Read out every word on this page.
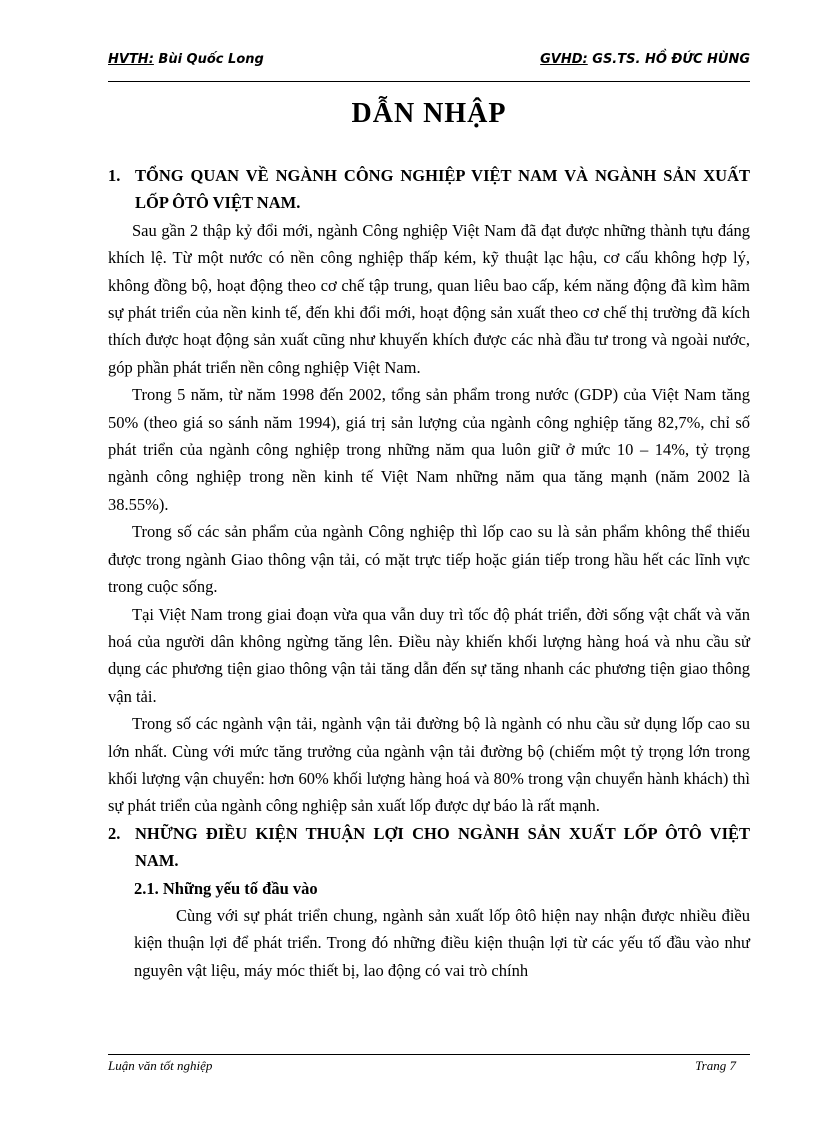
HVTH: Bùi Quốc Long	GVHD: GS.TS. HỒ ĐỨC HÙNG
DẪN NHẬP
1. TỔNG QUAN VỀ NGÀNH CÔNG NGHIỆP VIỆT NAM VÀ NGÀNH SẢN XUẤT LỐP ÔTÔ VIỆT NAM.

Sau gần 2 thập kỷ đổi mới, ngành Công nghiệp Việt Nam đã đạt được những thành tựu đáng khích lệ. Từ một nước có nền công nghiệp thấp kém, kỹ thuật lạc hậu, cơ cấu không hợp lý, không đồng bộ, hoạt động theo cơ chế tập trung, quan liêu bao cấp, kém năng động đã kìm hãm sự phát triển của nền kinh tế, đến khi đổi mới, hoạt động sản xuất theo cơ chế thị trường đã kích thích được hoạt động sản xuất cũng như khuyến khích được các nhà đầu tư trong và ngoài nước, góp phần phát triển nền công nghiệp Việt Nam.

Trong 5 năm, từ năm 1998 đến 2002, tổng sản phẩm trong nước (GDP) của Việt Nam tăng 50% (theo giá so sánh năm 1994), giá trị sản lượng của ngành công nghiệp tăng 82,7%, chỉ số phát triển của ngành công nghiệp trong những năm qua luôn giữ ở mức 10 – 14%, tỷ trọng ngành công nghiệp trong nền kinh tế Việt Nam những năm qua tăng mạnh (năm 2002 là 38.55%).

Trong số các sản phẩm của ngành Công nghiệp thì lốp cao su là sản phẩm không thể thiếu được trong ngành Giao thông vận tải, có mặt trực tiếp hoặc gián tiếp trong hầu hết các lĩnh vực trong cuộc sống.

Tại Việt Nam trong giai đoạn vừa qua vẫn duy trì tốc độ phát triển, đời sống vật chất và văn hoá của người dân không ngừng tăng lên. Điều này khiến khối lượng hàng hoá và nhu cầu sử dụng các phương tiện giao thông vận tải tăng dẫn đến sự tăng nhanh các phương tiện giao thông vận tải.

Trong số các ngành vận tải, ngành vận tải đường bộ là ngành có nhu cầu sử dụng lốp cao su lớn nhất. Cùng với mức tăng trưởng của ngành vận tải đường bộ (chiếm một tỷ trọng lớn trong khối lượng vận chuyển: hơn 60% khối lượng hàng hoá và 80% trong vận chuyển hành khách) thì sự phát triển của ngành công nghiệp sản xuất lốp được dự báo là rất mạnh.

2. NHỮNG ĐIỀU KIỆN THUẬN LỢI CHO NGÀNH SẢN XUẤT LỐP ÔTÔ VIỆT NAM.
2.1. Những yếu tố đầu vào

Cùng với sự phát triển chung, ngành sản xuất lốp ôtô hiện nay nhận được nhiều điều kiện thuận lợi để phát triển. Trong đó những điều kiện thuận lợi từ các yếu tố đầu vào như nguyên vật liệu, máy móc thiết bị, lao động có vai trò chính

Luận văn tốt nghiệp	Trang 7
